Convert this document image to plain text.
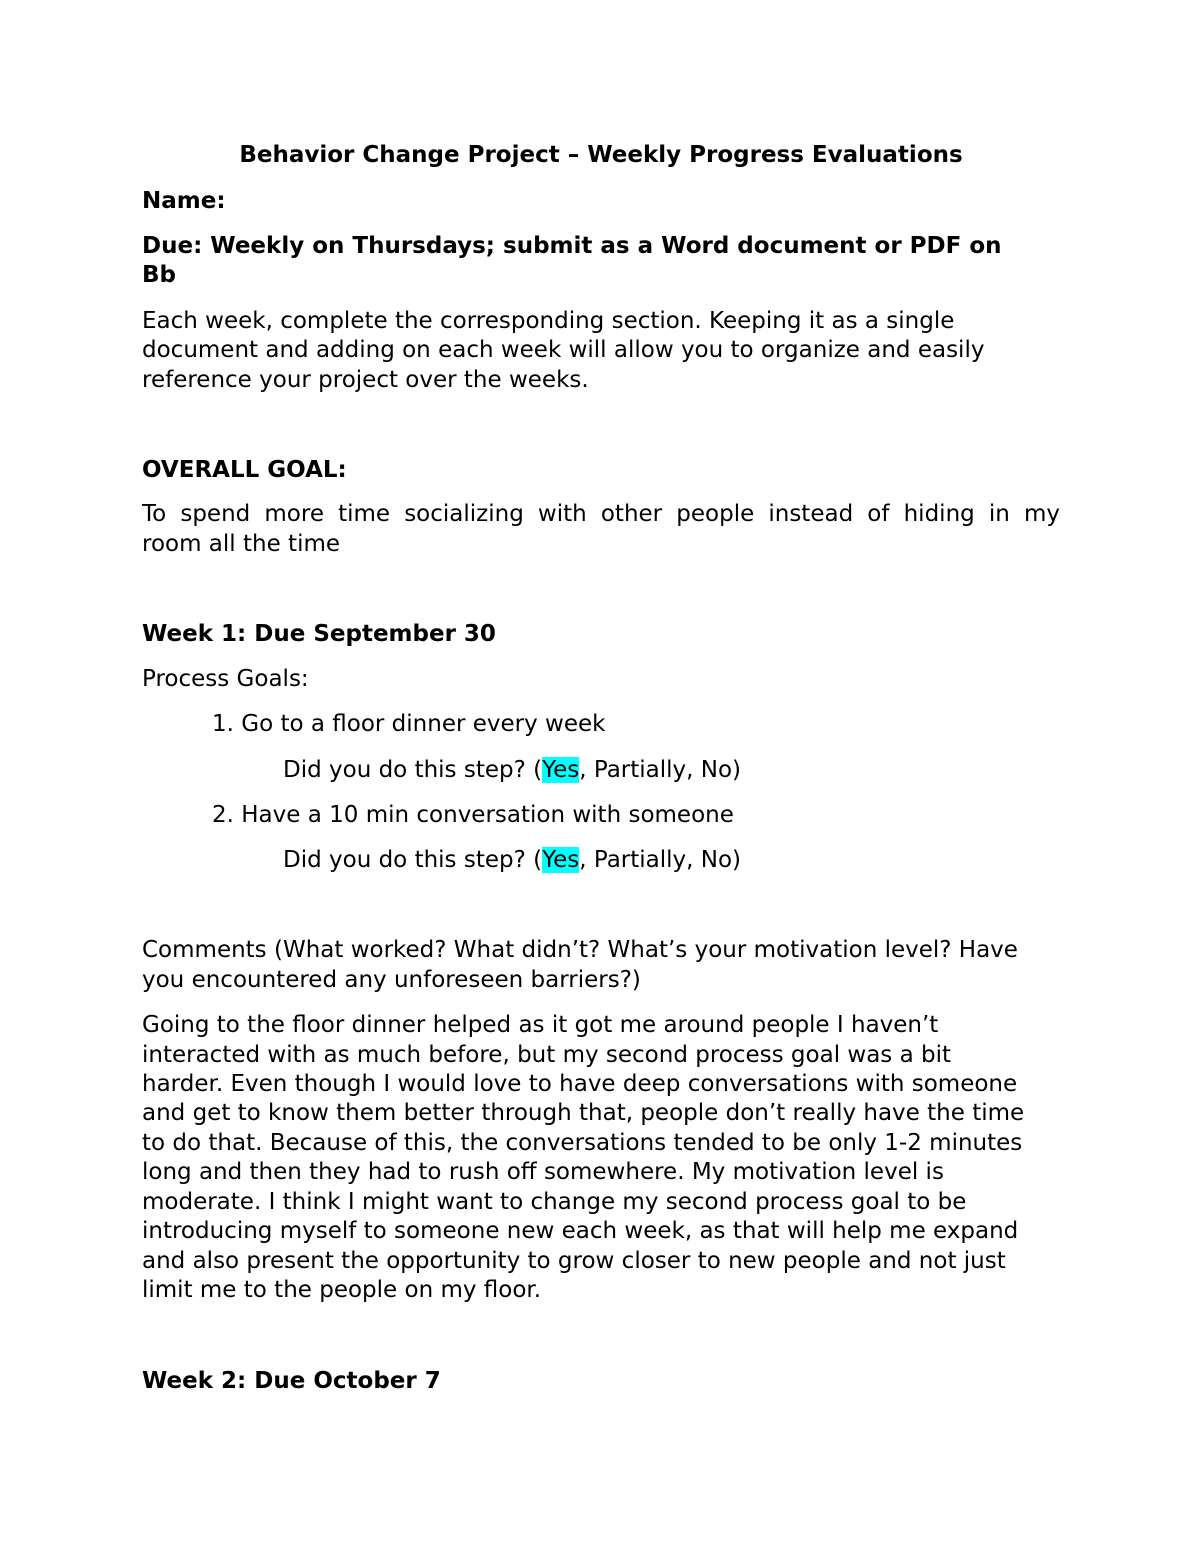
Behavior Change Project – Weekly Progress Evaluations

Name:

Due: Weekly on Thursdays; submit as a Word document or PDF on

Bb

Each week, complete the corresponding section. Keeping it as a single

document and adding on each week will allow you to organize and easily

reference your project over the weeks.

OVERALL GOAL:

To spend more time socializing with other people instead of hiding in my

room all the time

Week 1: Due September 30

Process Goals:

1. Go to a floor dinner every week

Did you do this step? (Yes, Partially, No)

2. Have a 10 min conversation with someone

Did you do this step? (Yes, Partially, No)

Comments (What worked? What didn’t? What’s your motivation level? Have

you encountered any unforeseen barriers?)

Going to the floor dinner helped as it got me around people I haven’t

interacted with as much before, but my second process goal was a bit

harder. Even though I would love to have deep conversations with someone

and get to know them better through that, people don’t really have the time

to do that. Because of this, the conversations tended to be only 1-2 minutes

long and then they had to rush off somewhere. My motivation level is

moderate. I think I might want to change my second process goal to be

introducing myself to someone new each week, as that will help me expand

and also present the opportunity to grow closer to new people and not just

limit me to the people on my floor.

Week 2: Due October 7
